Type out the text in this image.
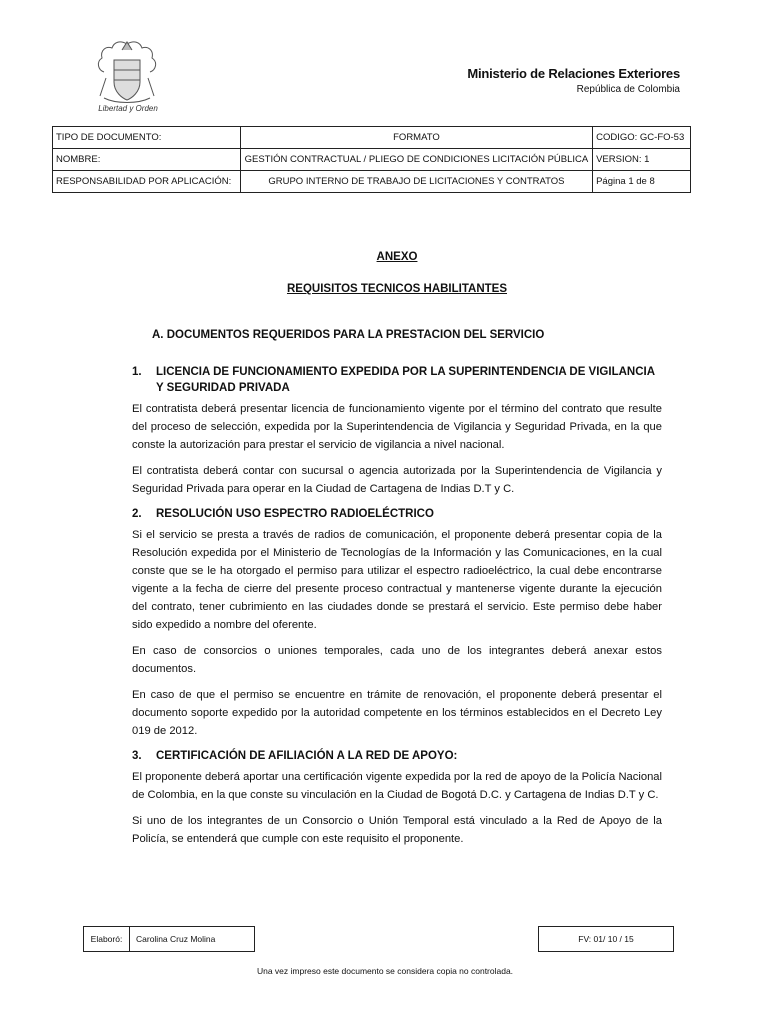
Libertad y Orden
Ministerio de Relaciones Exteriores
República de Colombia
TIPO DE DOCUMENTO:	FORMATO	CODIGO: GC-FO-53
NOMBRE:	GESTIÓN CONTRACTUAL / PLIEGO DE CONDICIONES LICITACIÓN PÚBLICA	VERSION: 1
RESPONSABILIDAD POR APLICACIÓN:	GRUPO INTERNO DE TRABAJO DE LICITACIONES Y CONTRATOS	Página 1 de 8
ANEXO
REQUISITOS TECNICOS HABILITANTES
A. DOCUMENTOS REQUERIDOS PARA LA PRESTACION DEL SERVICIO
1.	LICENCIA DE FUNCIONAMIENTO EXPEDIDA POR LA SUPERINTENDENCIA DE VIGILANCIA Y SEGURIDAD PRIVADA

El contratista deberá presentar licencia de funcionamiento vigente por el término del contrato que resulte del proceso de selección, expedida por la Superintendencia de Vigilancia y Seguridad Privada, en la que conste la autorización para prestar el servicio de vigilancia a nivel nacional.

El contratista deberá contar con sucursal o agencia autorizada por la Superintendencia de Vigilancia y Seguridad Privada para operar en la Ciudad de Cartagena de Indias D.T y C.

2.	RESOLUCIÓN USO ESPECTRO RADIOELÉCTRICO

Si el servicio se presta a través de radios de comunicación, el proponente deberá presentar copia de la Resolución expedida por el Ministerio de Tecnologías de la Información y las Comunicaciones, en la cual conste que se le ha otorgado el permiso para utilizar el espectro radioeléctrico, la cual debe encontrarse vigente a la fecha de cierre del presente proceso contractual y mantenerse vigente durante la ejecución del contrato, tener cubrimiento en las ciudades donde se prestará el servicio. Este permiso debe haber sido expedido a nombre del oferente.

En caso de consorcios o uniones temporales, cada uno de los integrantes deberá anexar estos documentos.

En caso de que el permiso se encuentre en trámite de renovación, el proponente deberá presentar el documento soporte expedido por la autoridad competente en los términos establecidos en el Decreto Ley 019 de 2012.

3.	CERTIFICACIÓN DE AFILIACIÓN A LA RED DE APOYO:

El proponente deberá aportar una certificación vigente expedida por la red de apoyo de la Policía Nacional de Colombia, en la que conste su vinculación en la Ciudad de Bogotá D.C. y Cartagena de Indias D.T y C.

Si uno de los integrantes de un Consorcio o Unión Temporal está vinculado a la Red de Apoyo de la Policía, se entenderá que cumple con este requisito el proponente.

Elaboró:	Carolina Cruz Molina	FV: 01/ 10 / 15
Una vez impreso este documento se considera copia no controlada.
